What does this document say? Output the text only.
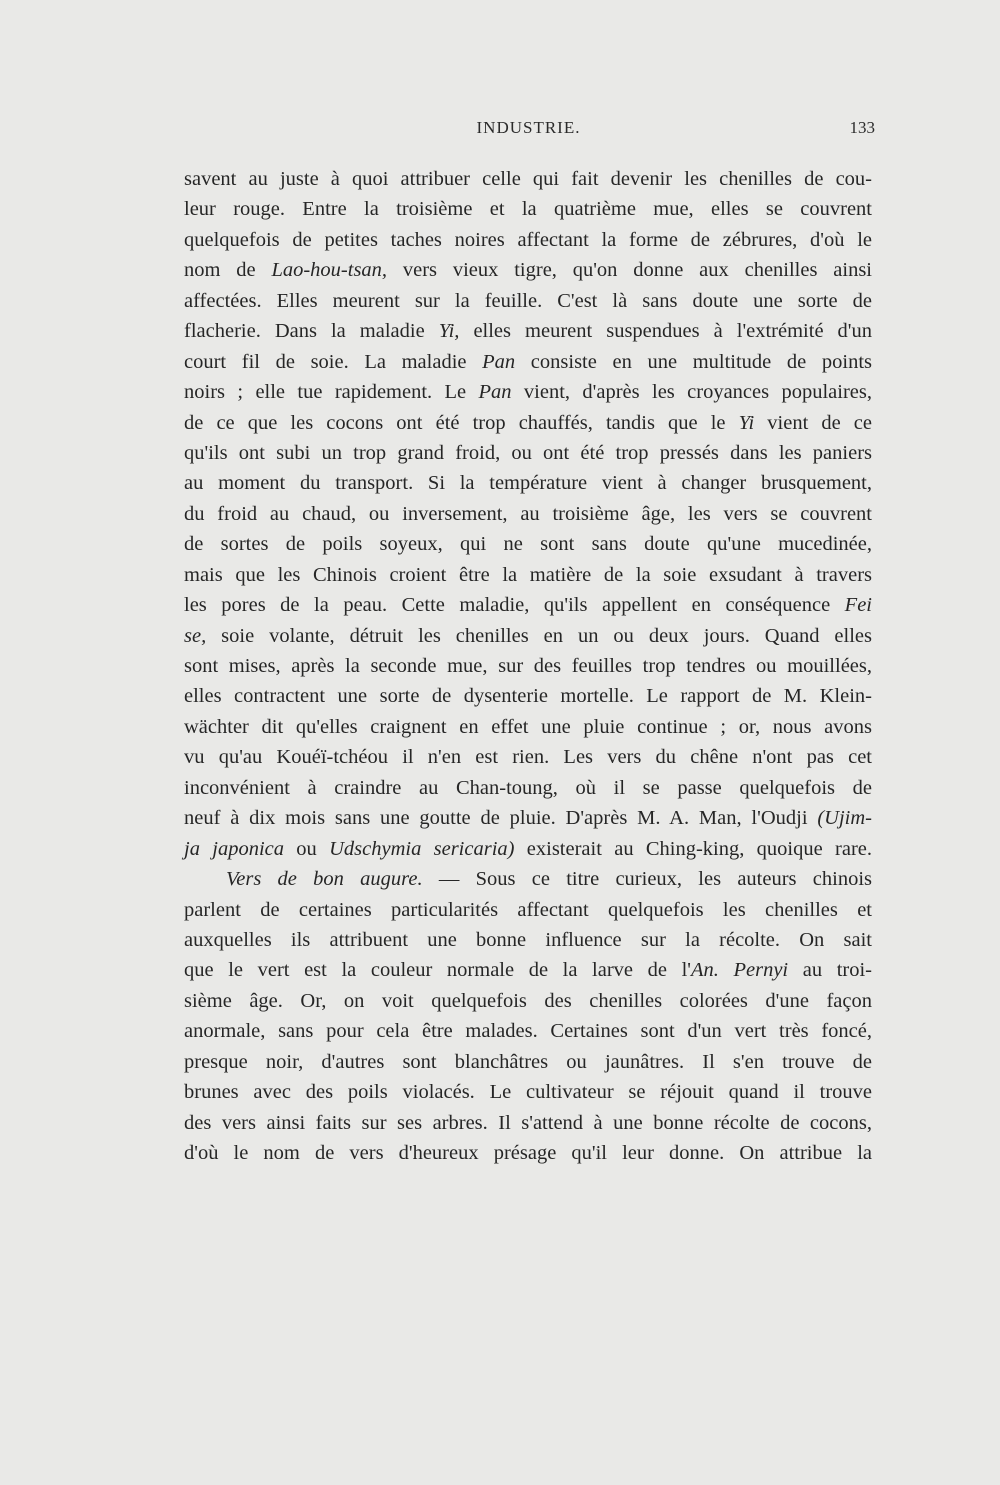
INDUSTRIE.	133
savent au juste à quoi attribuer celle qui fait devenir les chenilles de cou-
leur rouge. Entre la troisième et la quatrième mue, elles se couvrent
quelquefois de petites taches noires affectant la forme de zébrures, d'où le
nom de Lao-hou-tsan, vers vieux tigre, qu'on donne aux chenilles ainsi
affectées. Elles meurent sur la feuille. C'est là sans doute une sorte de
flacherie. Dans la maladie Yi, elles meurent suspendues à l'extrémité d'un
court fil de soie. La maladie Pan consiste en une multitude de points
noirs ; elle tue rapidement. Le Pan vient, d'après les croyances populaires,
de ce que les cocons ont été trop chauffés, tandis que le Yi vient de ce
qu'ils ont subi un trop grand froid, ou ont été trop pressés dans les paniers
au moment du transport. Si la température vient à changer brusquement,
du froid au chaud, ou inversement, au troisième âge, les vers se couvrent
de sortes de poils soyeux, qui ne sont sans doute qu'une mucedinée,
mais que les Chinois croient être la matière de la soie exsudant à travers
les pores de la peau. Cette maladie, qu'ils appellent en conséquence Fei
se, soie volante, détruit les chenilles en un ou deux jours. Quand elles
sont mises, après la seconde mue, sur des feuilles trop tendres ou mouillées,
elles contractent une sorte de dysenterie mortelle. Le rapport de M. Klein-
wächter dit qu'elles craignent en effet une pluie continue ; or, nous avons
vu qu'au Kouéï-tchéou il n'en est rien. Les vers du chêne n'ont pas cet
inconvénient à craindre au Chan-toung, où il se passe quelquefois de
neuf à dix mois sans une goutte de pluie. D'après M. A. Man, l'Oudji (Ujim-
ja japonica ou Udschymia sericaria) existerait au Ching-king, quoique rare.
Vers de bon augure. — Sous ce titre curieux, les auteurs chinois
parlent de certaines particularités affectant quelquefois les chenilles et
auxquelles ils attribuent une bonne influence sur la récolte. On sait
que le vert est la couleur normale de la larve de l'An. Pernyi au troi-
sième âge. Or, on voit quelquefois des chenilles colorées d'une façon
anormale, sans pour cela être malades. Certaines sont d'un vert très foncé,
presque noir, d'autres sont blanchâtres ou jaunâtres. Il s'en trouve de
brunes avec des poils violacés. Le cultivateur se réjouit quand il trouve
des vers ainsi faits sur ses arbres. Il s'attend à une bonne récolte de cocons,
d'où le nom de vers d'heureux présage qu'il leur donne. On attribue la
